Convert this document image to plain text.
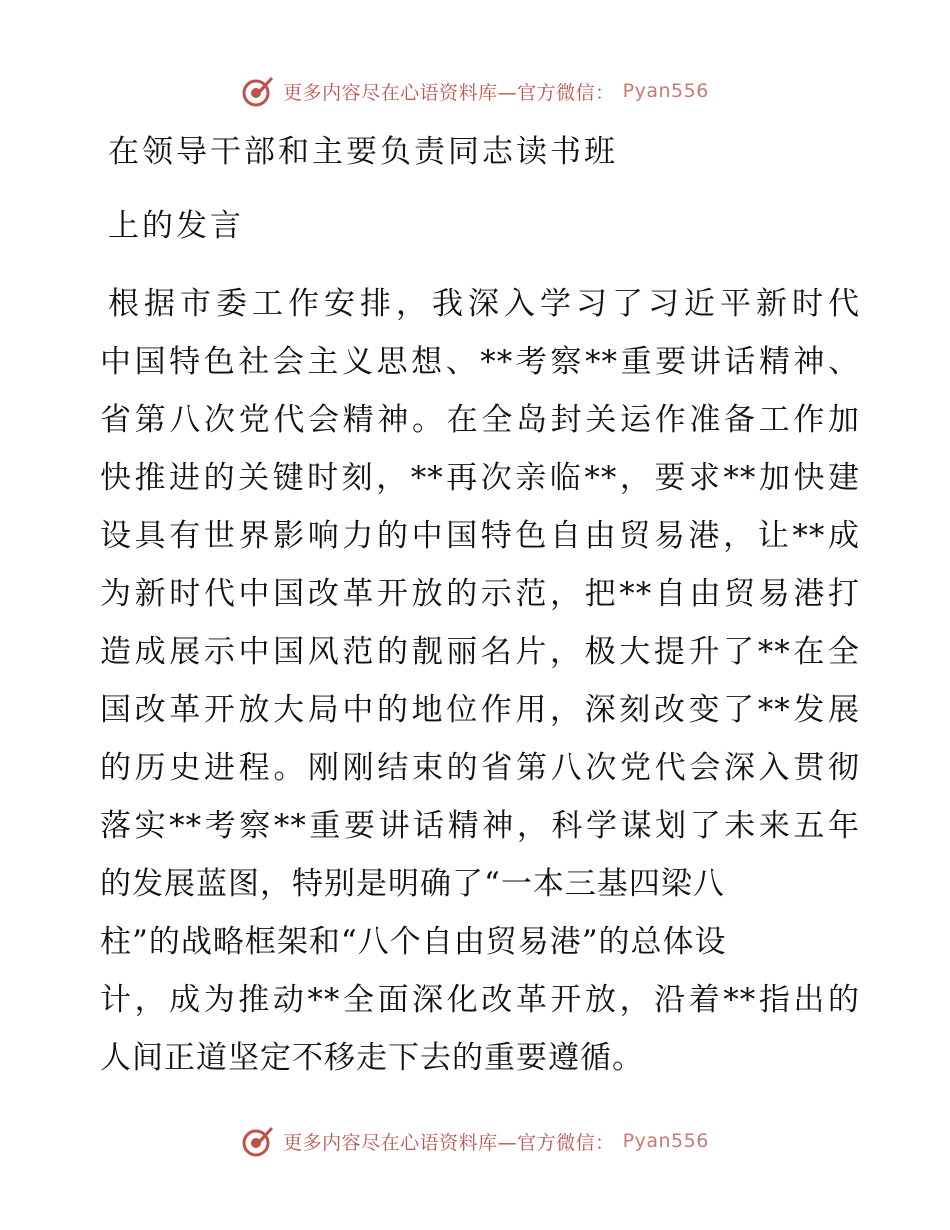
更多内容尽在心语资料库—官方微信： Pyan556
在领导干部和主要负责同志读书班
上的发言
根据市委工作安排，我深入学习了习近平新时代
中国特色社会主义思想、**考察**重要讲话精神、
省第八次党代会精神。在全岛封关运作准备工作加
快推进的关键时刻，**再次亲临**，要求**加快建
设具有世界影响力的中国特色自由贸易港，让**成
为新时代中国改革开放的示范，把**自由贸易港打
造成展示中国风范的靓丽名片，极大提升了**在全
国改革开放大局中的地位作用，深刻改变了**发展
的历史进程。刚刚结束的省第八次党代会深入贯彻
落实**考察**重要讲话精神，科学谋划了未来五年
的发展蓝图，特别是明确了“一本三基四梁八
柱”的战略框架和“八个自由贸易港”的总体设
计，成为推动**全面深化改革开放，沿着**指出的
人间正道坚定不移走下去的重要遵循。
更多内容尽在心语资料库—官方微信： Pyan556
